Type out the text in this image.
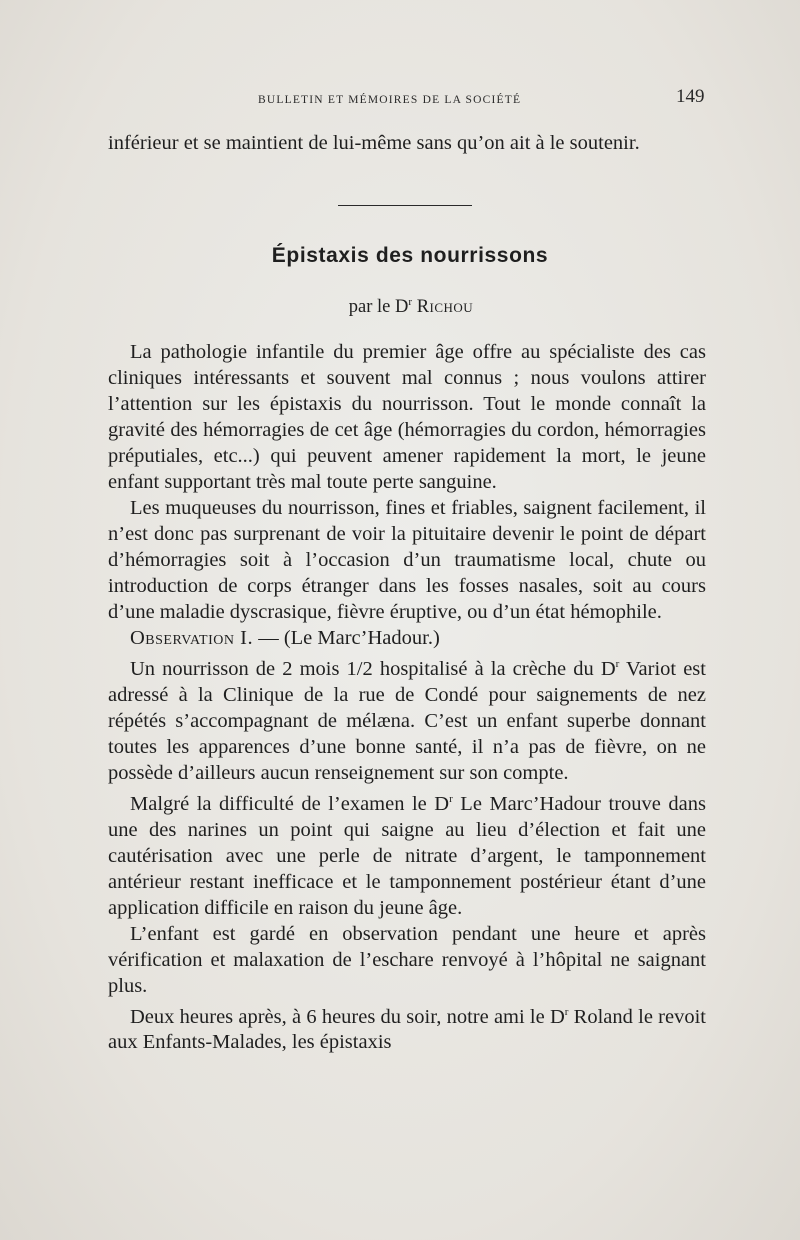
BULLETIN ET MÉMOIRES DE LA SOCIÉTÉ	149
inférieur et se maintient de lui-même sans qu’on ait à le soutenir.
Épistaxis des nourrissons
par le $D^r$ Richou

La pathologie infantile du premier âge offre au spécialiste des cas cliniques intéressants et souvent mal connus ; nous voulons attirer l’attention sur les épistaxis du nourrisson. Tout le monde connaît la gravité des hémorragies de cet âge (hémorragies du cordon, hémorragies préputiales, etc...) qui peuvent amener rapidement la mort, le jeune enfant supportant très mal toute perte sanguine.

Les muqueuses du nourrisson, fines et friables, saignent facilement, il n’est donc pas surprenant de voir la pituitaire devenir le point de départ d’hémorragies soit à l’occasion d’un traumatisme local, chute ou introduction de corps étranger dans les fosses nasales, soit au cours d’une maladie dyscrasique, fièvre éruptive, ou d’un état hémophile.

Observation I. — (Le Marc’Hadour.)

Un nourrisson de 2 mois 1/2 hospitalisé à la crèche du $D^r$ Variot est adressé à la Clinique de la rue de Condé pour saignements de nez répétés s’accompagnant de mélæna. C’est un enfant superbe donnant toutes les apparences d’une bonne santé, il n’a pas de fièvre, on ne possède d’ailleurs aucun renseignement sur son compte.

Malgré la difficulté de l’examen le $D^r$ Le Marc’Hadour trouve dans une des narines un point qui saigne au lieu d’élection et fait une cautérisation avec une perle de nitrate d’argent, le tamponnement antérieur restant inefficace et le tamponnement postérieur étant d’une application difficile en raison du jeune âge.

L’enfant est gardé en observation pendant une heure et après vérification et malaxation de l’eschare renvoyé à l’hôpital ne saignant plus.

Deux heures après, à 6 heures du soir, notre ami le $D^r$ Roland le revoit aux Enfants-Malades, les épistaxis
